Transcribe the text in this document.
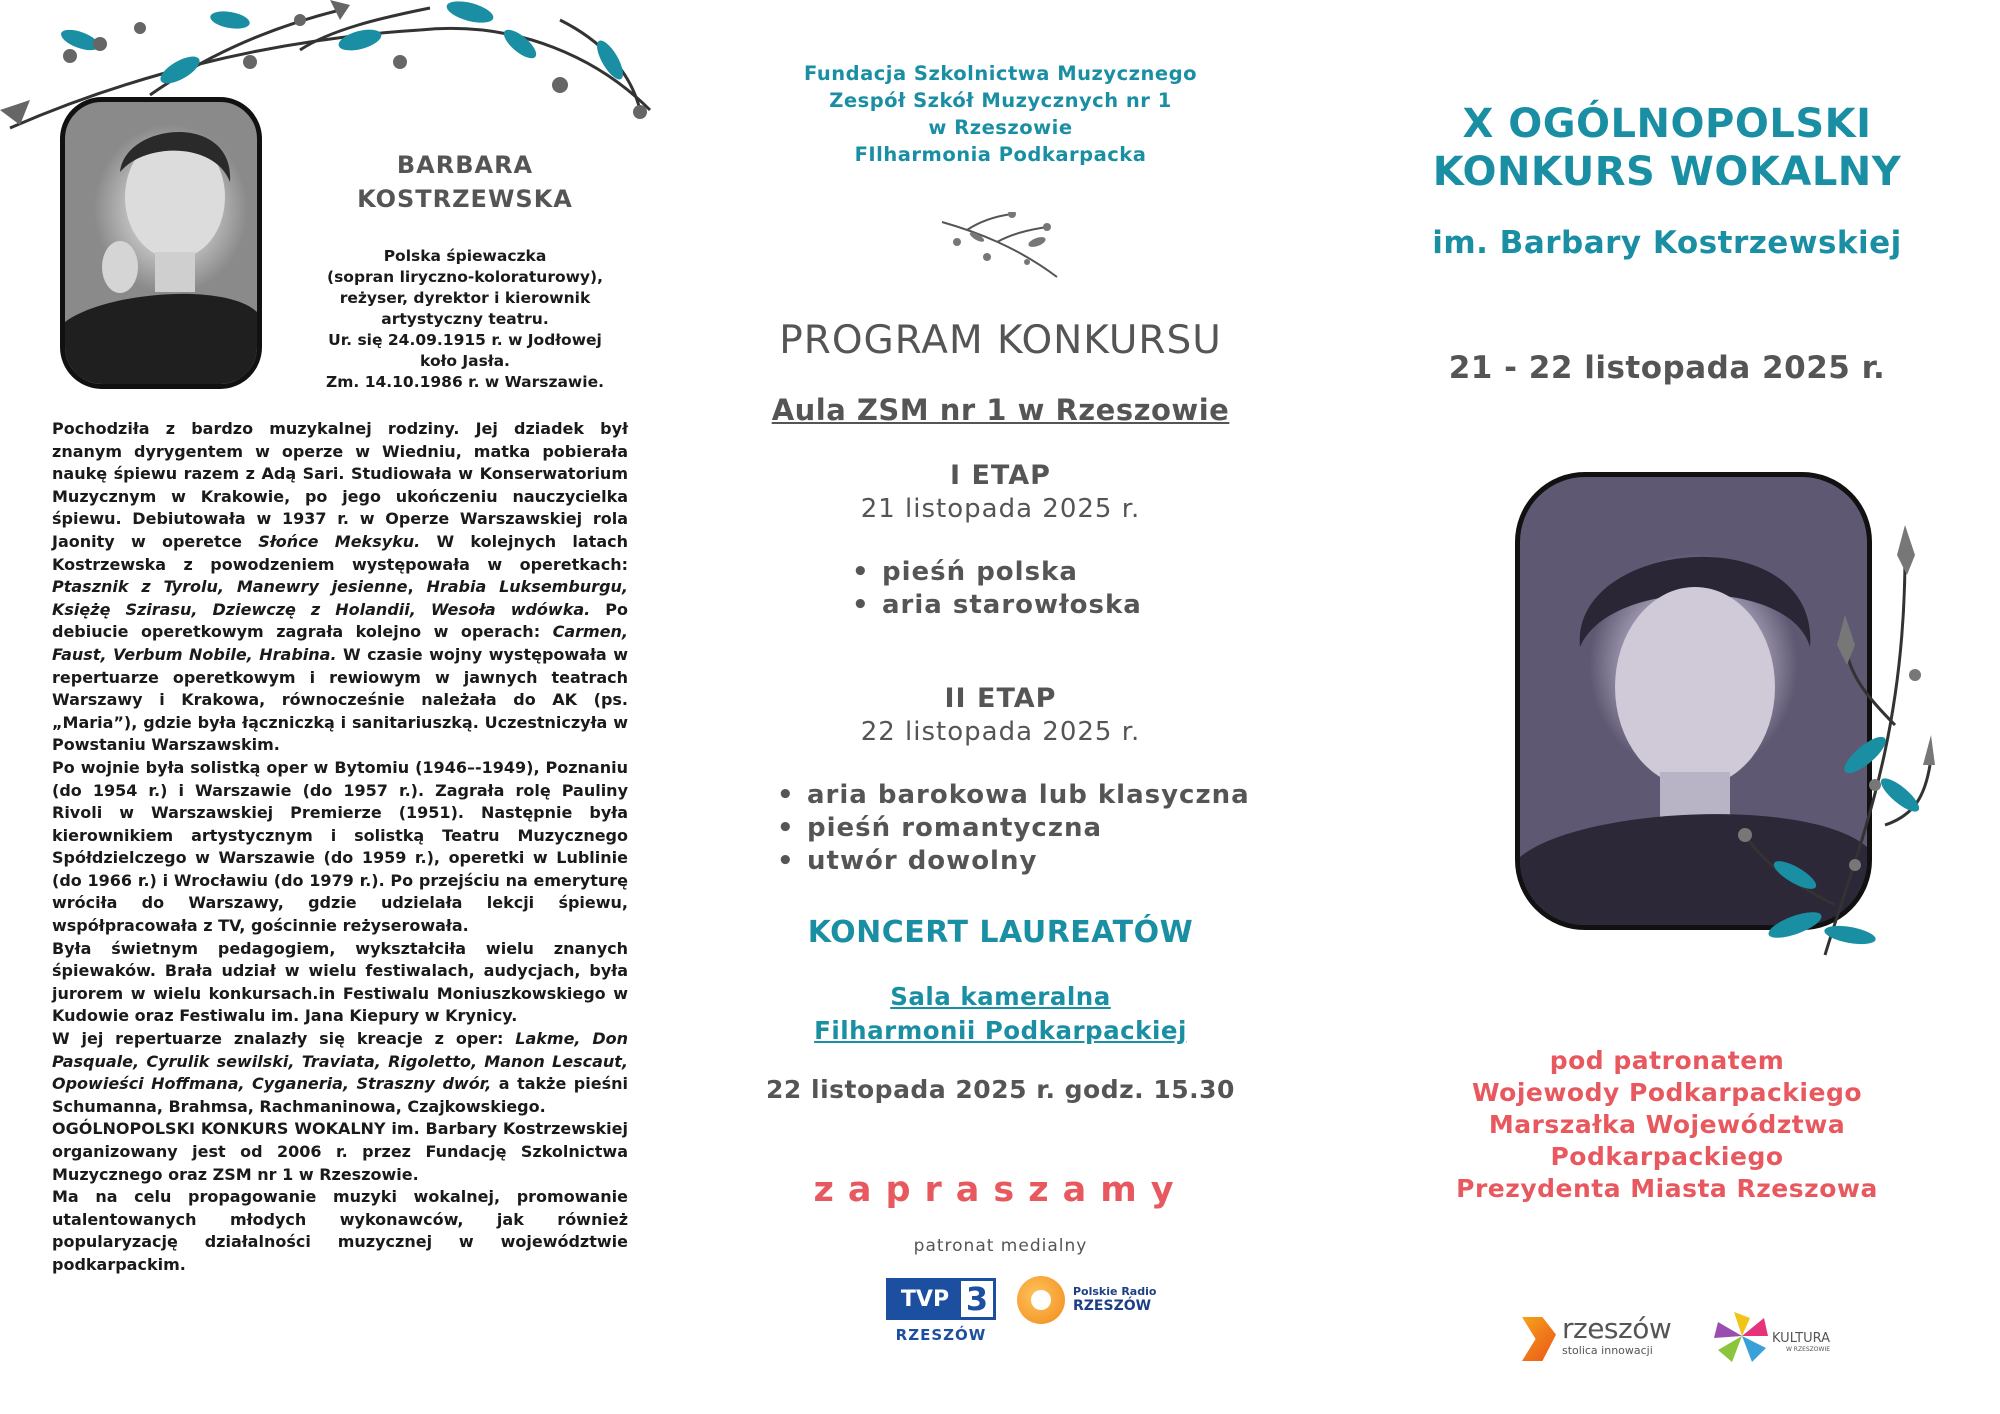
BARBARA
KOSTRZEWSKA
Polska śpiewaczka
(sopran liryczno-koloraturowy),
reżyser, dyrektor i kierownik
artystyczny teatru.
Ur. się 24.09.1915 r. w Jodłowej
koło Jasła.
Zm. 14.10.1986 r. w Warszawie.

Pochodziła z bardzo muzykalnej rodziny. Jej dziadek był znanym dyrygentem w operze w Wiedniu, matka pobierała naukę śpiewu razem z Adą Sari. Studiowała w Konserwatorium Muzycznym w Krakowie, po jego ukończeniu nauczycielka śpiewu. Debiutowała w 1937 r. w Operze Warszawskiej rola Jaonity w operetce Słońce Meksyku. W kolejnych latach Kostrzewska z powodzeniem występowała w operetkach: Ptasznik z Tyrolu, Manewry jesienne, Hrabia Luksemburgu, Księżę Szirasu, Dziewczę z Holandii, Wesoła wdówka. Po debiucie operetkowym zagrała kolejno w operach: Carmen, Faust, Verbum Nobile, Hrabina. W czasie wojny występowała w repertuarze operetkowym i rewiowym w jawnych teatrach Warszawy i Krakowa, równocześnie należała do AK (ps. „Maria”), gdzie była łączniczką i sanitariuszką. Uczestniczyła w Powstaniu Warszawskim.

Po wojnie była solistką oper w Bytomiu (1946–-1949), Poznaniu (do 1954 r.) i Warszawie (do 1957 r.). Zagrała rolę Pauliny Rivoli w Warszawskiej Premierze (1951). Następnie była kierownikiem artystycznym i solistką Teatru Muzycznego Spółdzielczego w Warszawie (do 1959 r.), operetki w Lublinie (do 1966 r.) i Wrocławiu (do 1979 r.). Po przejściu na emeryturę wróciła do Warszawy, gdzie udzielała lekcji śpiewu, współpracowała z TV, gościnnie reżyserowała.

Była świetnym pedagogiem, wykształciła wielu znanych śpiewaków. Brała udział w wielu festiwalach, audycjach, była jurorem w wielu konkursach.in Festiwalu Moniuszkowskiego w Kudowie oraz Festiwalu im. Jana Kiepury w Krynicy.

W jej repertuarze znalazły się kreacje z oper: Lakme, Don Pasquale, Cyrulik sewilski, Traviata, Rigoletto, Manon Lescaut, Opowieści Hoffmana, Cyganeria, Straszny dwór, a także pieśni Schumanna, Brahmsa, Rachmaninowa, Czajkowskiego.

OGÓLNOPOLSKI KONKURS WOKALNY im. Barbary Kostrzewskiej organizowany jest od 2006 r. przez Fundację Szkolnictwa Muzycznego oraz ZSM nr 1 w Rzeszowie.

Ma na celu propagowanie muzyki wokalnej, promowanie utalentowanych młodych wykonawców, jak również popularyzację działalności muzycznej w województwie podkarpackim.

Fundacja Szkolnictwa Muzycznego
Zespół Szkół Muzycznych nr 1
w Rzeszowie
FIlharmonia Podkarpacka
PROGRAM KONKURSU
Aula ZSM nr 1 w Rzeszowie
I ETAP
21 listopada 2025 r.
• pieśń polska
• aria starowłoska
II ETAP
22 listopada 2025 r.
• aria barokowa lub klasyczna
• pieśń romantyczna
• utwór dowolny
KONCERT LAUREATÓW
Sala kameralna
Filharmonii Podkarpackiej
22 listopada 2025 r. godz. 15.30
zapraszamy
patronat medialny
TVP 3
RZESZÓW
Polskie Radio
RZESZÓW
X OGÓLNOPOLSKI
KONKURS WOKALNY
im. Barbary Kostrzewskiej
21 - 22 listopada 2025 r.
pod patronatem
Wojewody Podkarpackiego
Marszałka Województwa
Podkarpackiego
Prezydenta Miasta Rzeszowa
rzeszów
stolica innowacji
KULTURA
W RZESZOWIE
